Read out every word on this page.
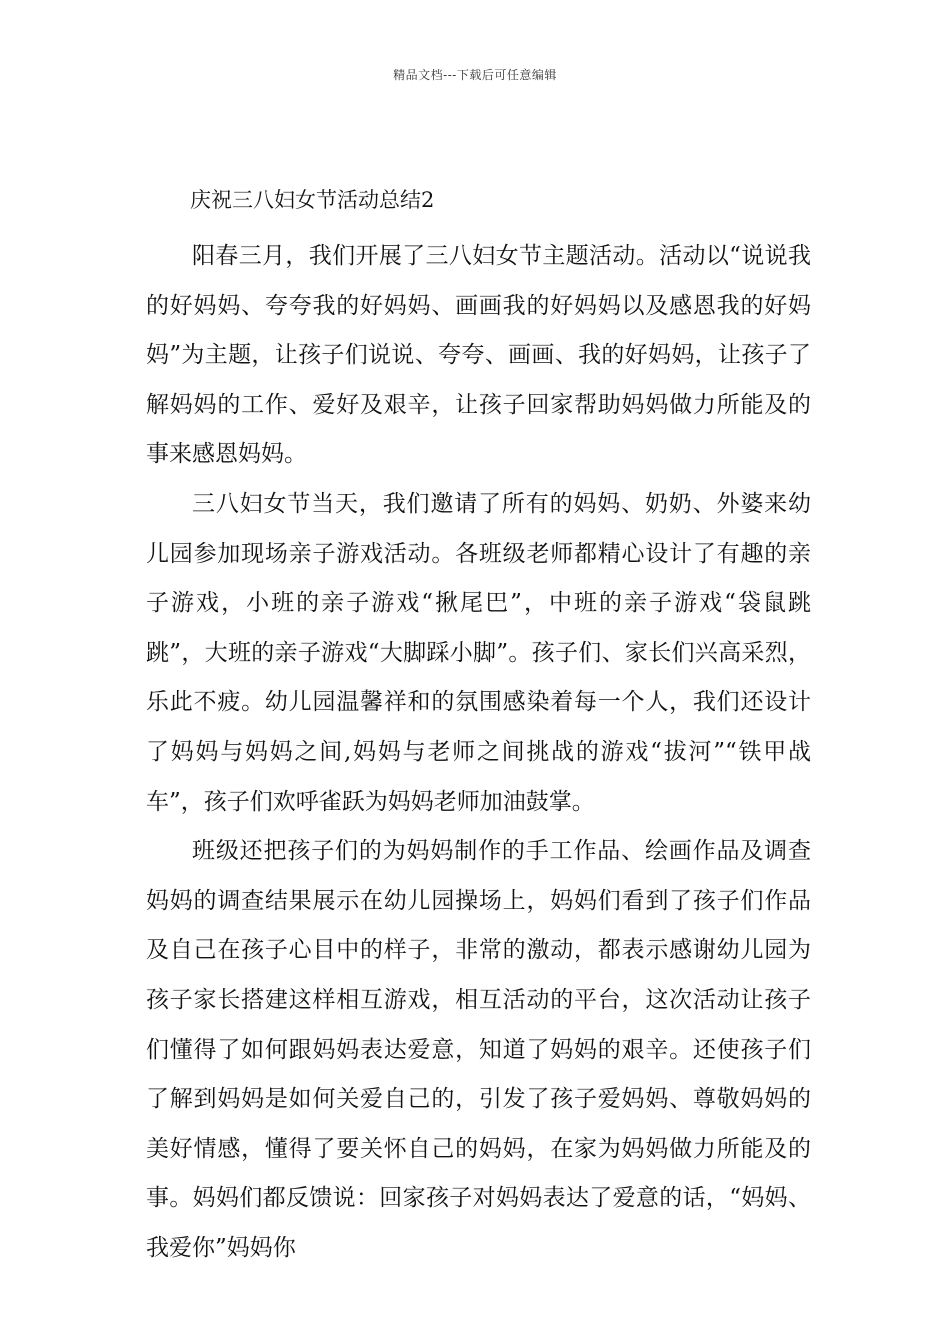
精品文档---下载后可任意编辑
庆祝三八妇女节活动总结2

阳春三月，我们开展了三八妇女节主题活动。活动以“说说我的好妈妈、夸夸我的好妈妈、画画我的好妈妈以及感恩我的好妈妈”为主题，让孩子们说说、夸夸、画画、我的好妈妈，让孩子了解妈妈的工作、爱好及艰辛，让孩子回家帮助妈妈做力所能及的事来感恩妈妈。

三八妇女节当天，我们邀请了所有的妈妈、奶奶、外婆来幼儿园参加现场亲子游戏活动。各班级老师都精心设计了有趣的亲子游戏，小班的亲子游戏“揪尾巴”，中班的亲子游戏“袋鼠跳跳”，大班的亲子游戏“大脚踩小脚”。孩子们、家长们兴高采烈，乐此不疲。幼儿园温馨祥和的氛围感染着每一个人，我们还设计了妈妈与妈妈之间,妈妈与老师之间挑战的游戏“拔河”“铁甲战车”，孩子们欢呼雀跃为妈妈老师加油鼓掌。

班级还把孩子们的为妈妈制作的手工作品、绘画作品及调查妈妈的调查结果展示在幼儿园操场上，妈妈们看到了孩子们作品及自己在孩子心目中的样子，非常的激动，都表示感谢幼儿园为孩子家长搭建这样相互游戏，相互活动的平台，这次活动让孩子们懂得了如何跟妈妈表达爱意，知道了妈妈的艰辛。还使孩子们了解到妈妈是如何关爱自己的，引发了孩子爱妈妈、尊敬妈妈的美好情感，懂得了要关怀自己的妈妈，在家为妈妈做力所能及的事。妈妈们都反馈说：回家孩子对妈妈表达了爱意的话，“妈妈、我爱你”妈妈你
